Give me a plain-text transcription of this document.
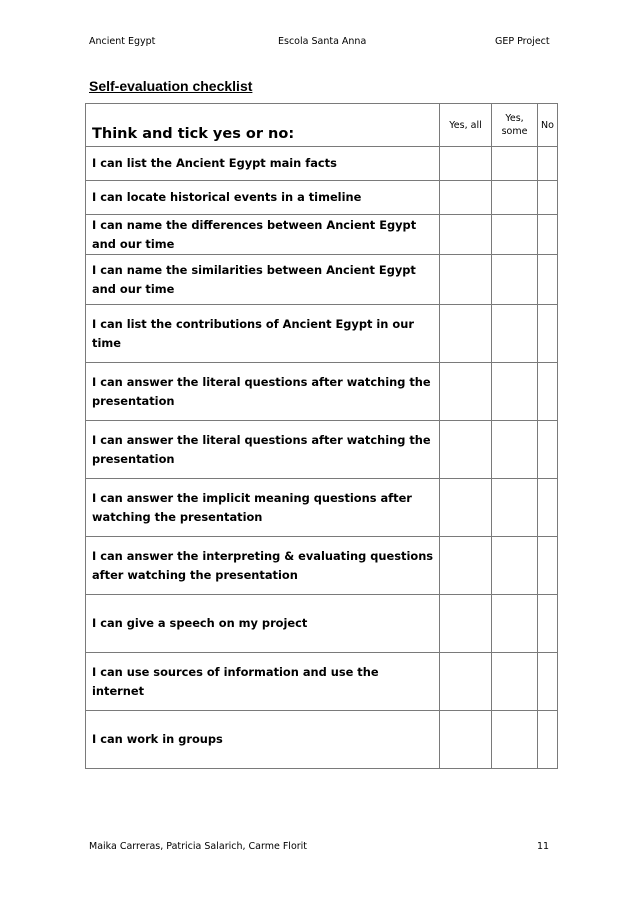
Ancient Egypt	Escola Santa Anna	GEP Project
Self-evaluation checklist
Think and tick yes or no:	Yes, all	Yes, some	No
I can list the Ancient Egypt main facts			
I can locate historical events in a timeline			
I can name the differences between Ancient Egypt and our time			
I can name the similarities between Ancient Egypt and our time			
I can list the contributions of Ancient Egypt in our time			
I can answer the literal questions after watching the presentation			
I can answer the literal questions after watching the presentation			
I can answer the implicit meaning questions after watching the presentation			
I can answer the interpreting & evaluating questions after watching the presentation			
I can give a speech on my project			
I can use sources of information and use the internet			
I can work in groups			
Maika Carreras, Patricia Salarich, Carme Florit	11
